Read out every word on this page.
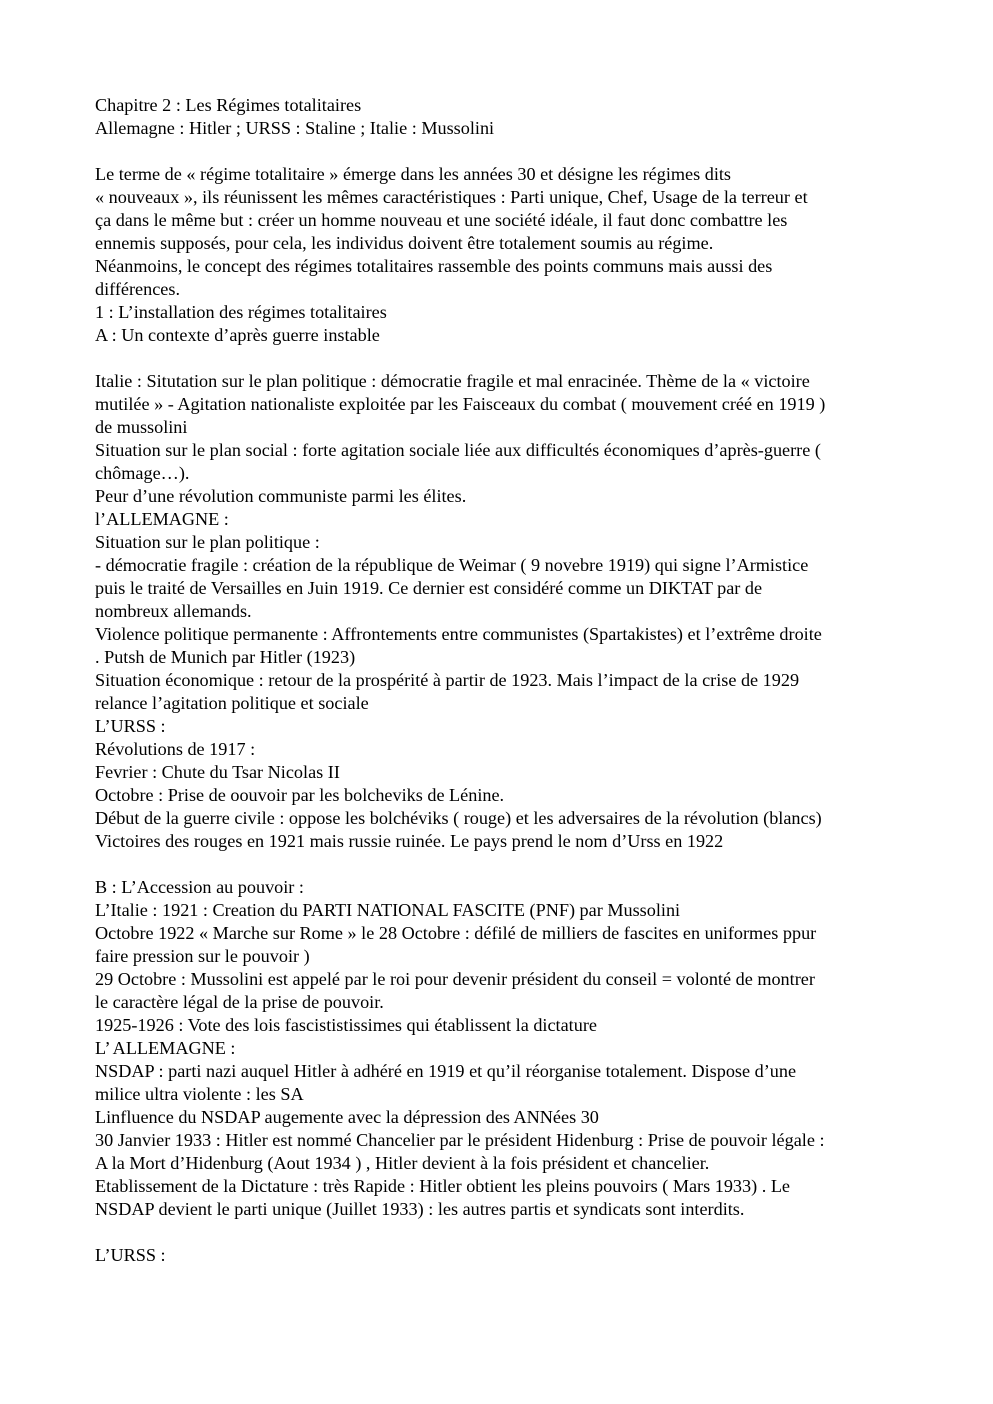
Chapitre 2 : Les Régimes totalitaires
Allemagne : Hitler ; URSS : Staline ; Italie : Mussolini
Le terme de « régime totalitaire » émerge dans les années 30 et désigne les régimes dits
« nouveaux », ils réunissent les mêmes caractéristiques : Parti unique, Chef, Usage de la terreur et
ça dans le même but : créer un homme nouveau et une société idéale, il faut donc combattre les
ennemis supposés, pour cela, les individus doivent être totalement soumis au régime.
Néanmoins, le concept des régimes totalitaires rassemble des points communs mais aussi des
différences.
1 : L’installation des régimes totalitaires
A : Un contexte d’après guerre instable
Italie : Situtation sur le plan politique : démocratie fragile et mal enracinée. Thème de la « victoire
mutilée » - Agitation nationaliste exploitée par les Faisceaux du combat ( mouvement créé en 1919 )
de mussolini
Situation sur le plan social : forte agitation sociale liée aux difficultés économiques d’après-guerre (
chômage…).
Peur d’une révolution communiste parmi les élites.
l’ALLEMAGNE :
Situation sur le plan politique :
- démocratie fragile : création de la république de Weimar ( 9 novebre 1919) qui signe l’Armistice
puis le traité de Versailles en Juin 1919. Ce dernier est considéré comme un DIKTAT par de
nombreux allemands.
Violence politique permanente : Affrontements entre communistes (Spartakistes) et l’extrême droite
. Putsh de Munich par Hitler (1923)
Situation économique : retour de la prospérité à partir de 1923. Mais l’impact de la crise de 1929
relance l’agitation politique et sociale
L’URSS :
Révolutions de 1917 :
Fevrier : Chute du Tsar Nicolas II
Octobre : Prise de oouvoir par les bolcheviks de Lénine.
Début de la guerre civile : oppose les bolchéviks ( rouge) et les adversaires de la révolution (blancs)
Victoires des rouges en 1921 mais russie ruinée. Le pays prend le nom d’Urss en 1922
B : L’Accession au pouvoir :
L’Italie : 1921 : Creation du PARTI NATIONAL FASCITE (PNF) par Mussolini
Octobre 1922 « Marche sur Rome » le 28 Octobre : défilé de milliers de fascites en uniformes ppur
faire pression sur le pouvoir )
29 Octobre : Mussolini est appelé par le roi pour devenir président du conseil = volonté de montrer
le caractère légal de la prise de pouvoir.
1925-1926 : Vote des lois fascististissimes qui établissent la dictature
L’ ALLEMAGNE :
NSDAP : parti nazi auquel Hitler à adhéré en 1919 et qu’il réorganise totalement. Dispose d’une
milice ultra violente : les SA
Linfluence du NSDAP augemente avec la dépression des ANNées 30
30 Janvier 1933 : Hitler est nommé Chancelier par le président Hidenburg : Prise de pouvoir légale :
A la Mort d’Hidenburg (Aout 1934 ) , Hitler devient à la fois président et chancelier.
Etablissement de la Dictature : très Rapide : Hitler obtient les pleins pouvoirs ( Mars 1933) . Le
NSDAP devient le parti unique (Juillet 1933) : les autres partis et syndicats sont interdits.
L’URSS :
